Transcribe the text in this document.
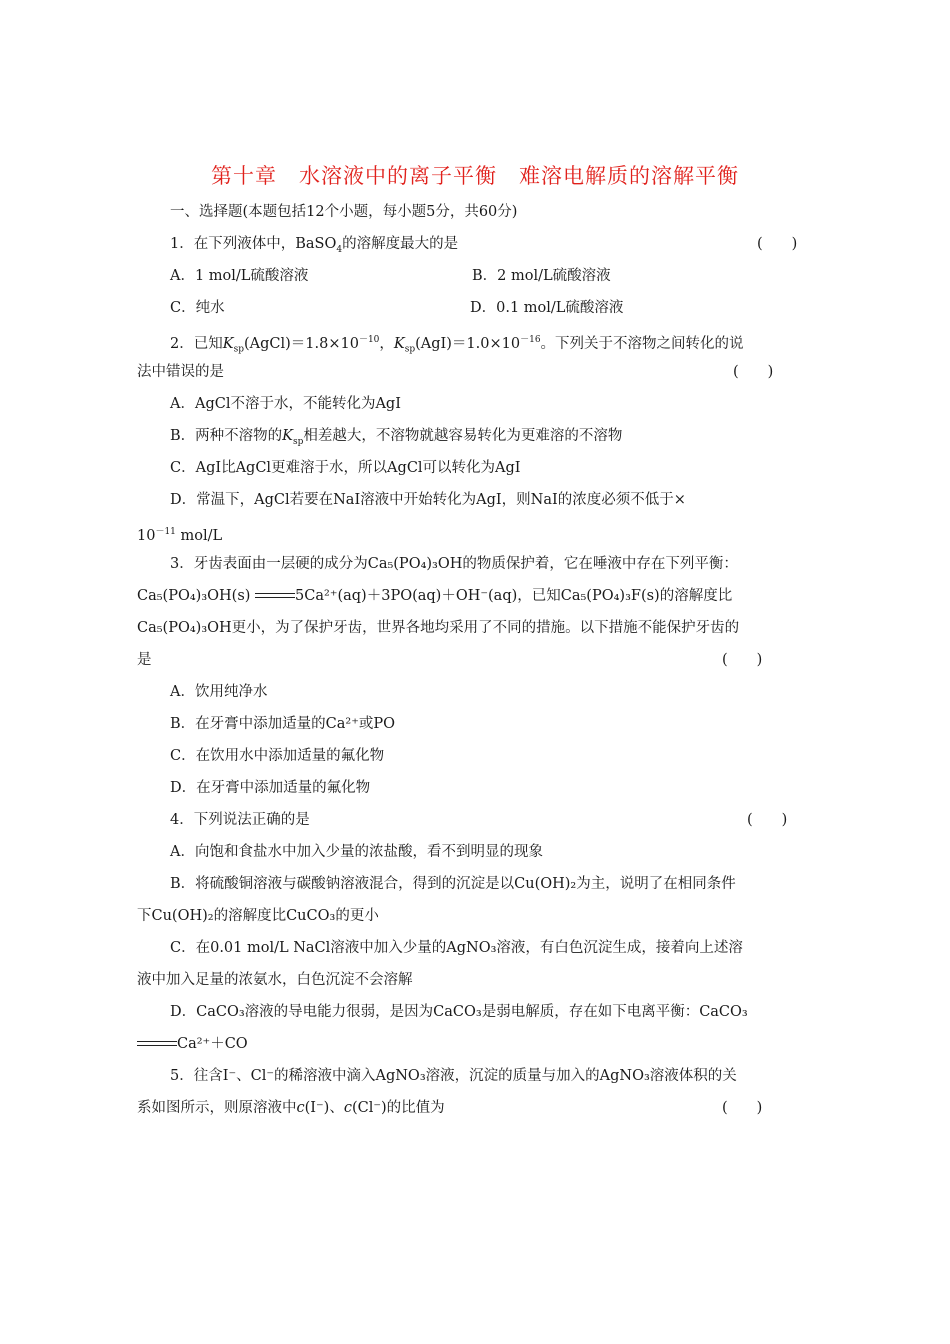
第十章　水溶液中的离子平衡　难溶电解质的溶解平衡
一、选择题(本题包括12个小题，每小题5分，共60分)
1．在下列液体中，BaSO$_4$的溶解度最大的是	(　　)
A．1 mol/L硫酸溶液	B．2 mol/L硫酸溶液
C．纯水	D．0.1 mol/L硫酸溶液
2．已知$K_{sp}(AgCl)=1.8\times 10^{-10}$，$K_{sp}(AgI)=1.0\times 10^{-16}$。下列关于不溶物之间转化的说
法中错误的是	(　　)
A．AgCl不溶于水，不能转化为AgI
B．两种不溶物的$K_{sp}$相差越大，不溶物就越容易转化为更难溶的不溶物
C．AgI比AgCl更难溶于水，所以AgCl可以转化为AgI
D．常温下，AgCl若要在NaI溶液中开始转化为AgI，则NaI的浓度必须不低于×
$10^{-11}$ mol/L
3．牙齿表面由一层硬的成分为Ca₅(PO₄)₃OH的物质保护着，它在唾液中存在下列平衡：
Ca₅(PO₄)₃OH(s)	5Ca²⁺(aq)＋3PO(aq)＋OH⁻(aq)，已知Ca₅(PO₄)₃F(s)的溶解度比
Ca₅(PO₄)₃OH更小，为了保护牙齿，世界各地均采用了不同的措施。以下措施不能保护牙齿的
是	(　　)
A．饮用纯净水
B．在牙膏中添加适量的Ca²⁺或PO
C．在饮用水中添加适量的氟化物
D．在牙膏中添加适量的氟化物
4．下列说法正确的是	(　　)
A．向饱和食盐水中加入少量的浓盐酸，看不到明显的现象
B．将硫酸铜溶液与碳酸钠溶液混合，得到的沉淀是以Cu(OH)₂为主，说明了在相同条件
下Cu(OH)₂的溶解度比CuCO₃的更小
C．在0.01 mol/L NaCl溶液中加入少量的AgNO₃溶液，有白色沉淀生成，接着向上述溶
液中加入足量的浓氨水，白色沉淀不会溶解
D．CaCO₃溶液的导电能力很弱，是因为CaCO₃是弱电解质，存在如下电离平衡：CaCO₃
Ca²⁺＋CO
5．往含I⁻、Cl⁻的稀溶液中滴入AgNO₃溶液，沉淀的质量与加入的AgNO₃溶液体积的关
系如图所示，则原溶液中c(I⁻)、c(Cl⁻)的比值为	(　　)
